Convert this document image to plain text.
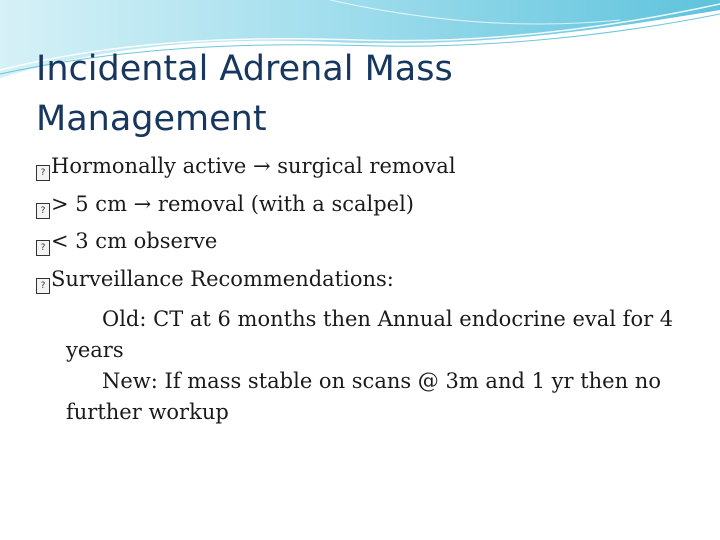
Incidental Adrenal Mass
Management
? Hormonally active → surgical removal
? > 5 cm → removal (with a scalpel)
? < 3 cm observe
? Surveillance Recommendations:

Old: CT at 6 months then Annual endocrine eval for 4 years

New: If mass stable on scans @ 3m and 1 yr then no further workup
